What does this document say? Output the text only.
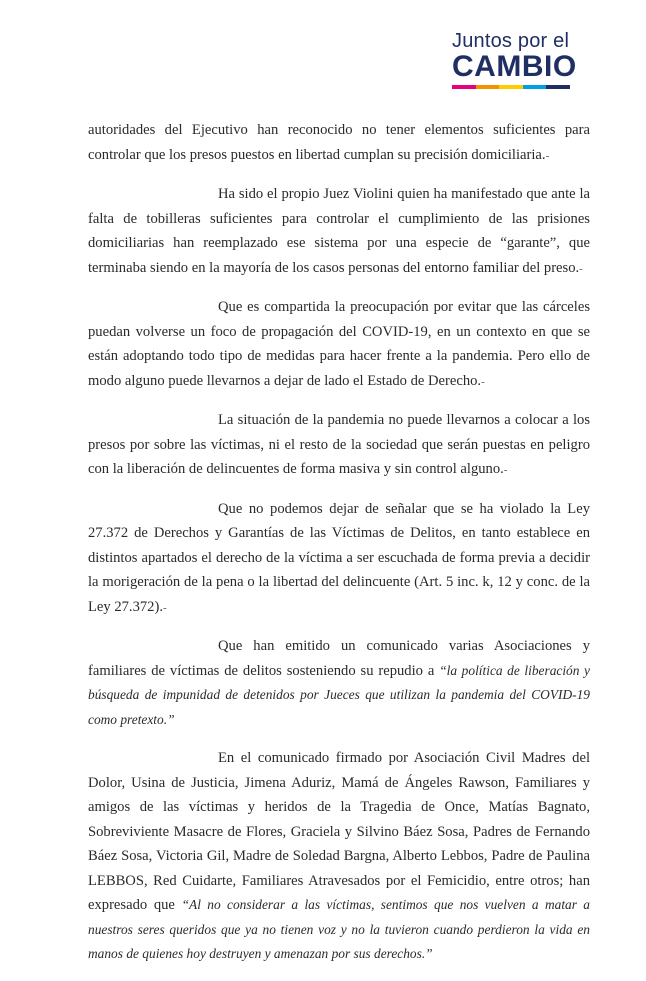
Juntos por el
CAMBIO

autoridades del Ejecutivo han reconocido no tener elementos suficientes para controlar que los presos puestos en libertad cumplan su precisión domiciliaria.-

Ha sido el propio Juez Violini quien ha manifestado que ante la falta de tobilleras suficientes para controlar el cumplimiento de las prisiones domiciliarias han reemplazado ese sistema por una especie de “garante”, que terminaba siendo en la mayoría de los casos personas del entorno familiar del preso.-

Que es compartida la preocupación por evitar que las cárceles puedan volverse un foco de propagación del COVID-19, en un contexto en que se están adoptando todo tipo de medidas para hacer frente a la pandemia. Pero ello de modo alguno puede llevarnos a dejar de lado el Estado de Derecho.-

La situación de la pandemia no puede llevarnos a colocar a los presos por sobre las víctimas, ni el resto de la sociedad que serán puestas en peligro con la liberación de delincuentes de forma masiva y sin control alguno.-

Que no podemos dejar de señalar que se ha violado la Ley 27.372 de Derechos y Garantías de las Víctimas de Delitos, en tanto establece en distintos apartados el derecho de la víctima a ser escuchada de forma previa a decidir la morigeración de la pena o la libertad del delincuente (Art. 5 inc. k, 12 y conc. de la Ley 27.372).-

Que han emitido un comunicado varias Asociaciones y familiares de víctimas de delitos sosteniendo su repudio a “la política de liberación y búsqueda de impunidad de detenidos por Jueces que utilizan la pandemia del COVID-19 como pretexto.”

En el comunicado firmado por Asociación Civil Madres del Dolor, Usina de Justicia, Jimena Aduriz, Mamá de Ángeles Rawson, Familiares y amigos de las víctimas y heridos de la Tragedia de Once, Matías Bagnato, Sobreviviente Masacre de Flores, Graciela y Silvino Báez Sosa, Padres de Fernando Báez Sosa, Victoria Gil, Madre de Soledad Bargna, Alberto Lebbos, Padre de Paulina LEBBOS, Red Cuidarte, Familiares Atravesados por el Femicidio, entre otros; han expresado que “Al no considerar a las víctimas, sentimos que nos vuelven a matar a nuestros seres queridos que ya no tienen voz y no la tuvieron cuando perdieron la vida en manos de quienes hoy destruyen y amenazan por sus derechos.”
